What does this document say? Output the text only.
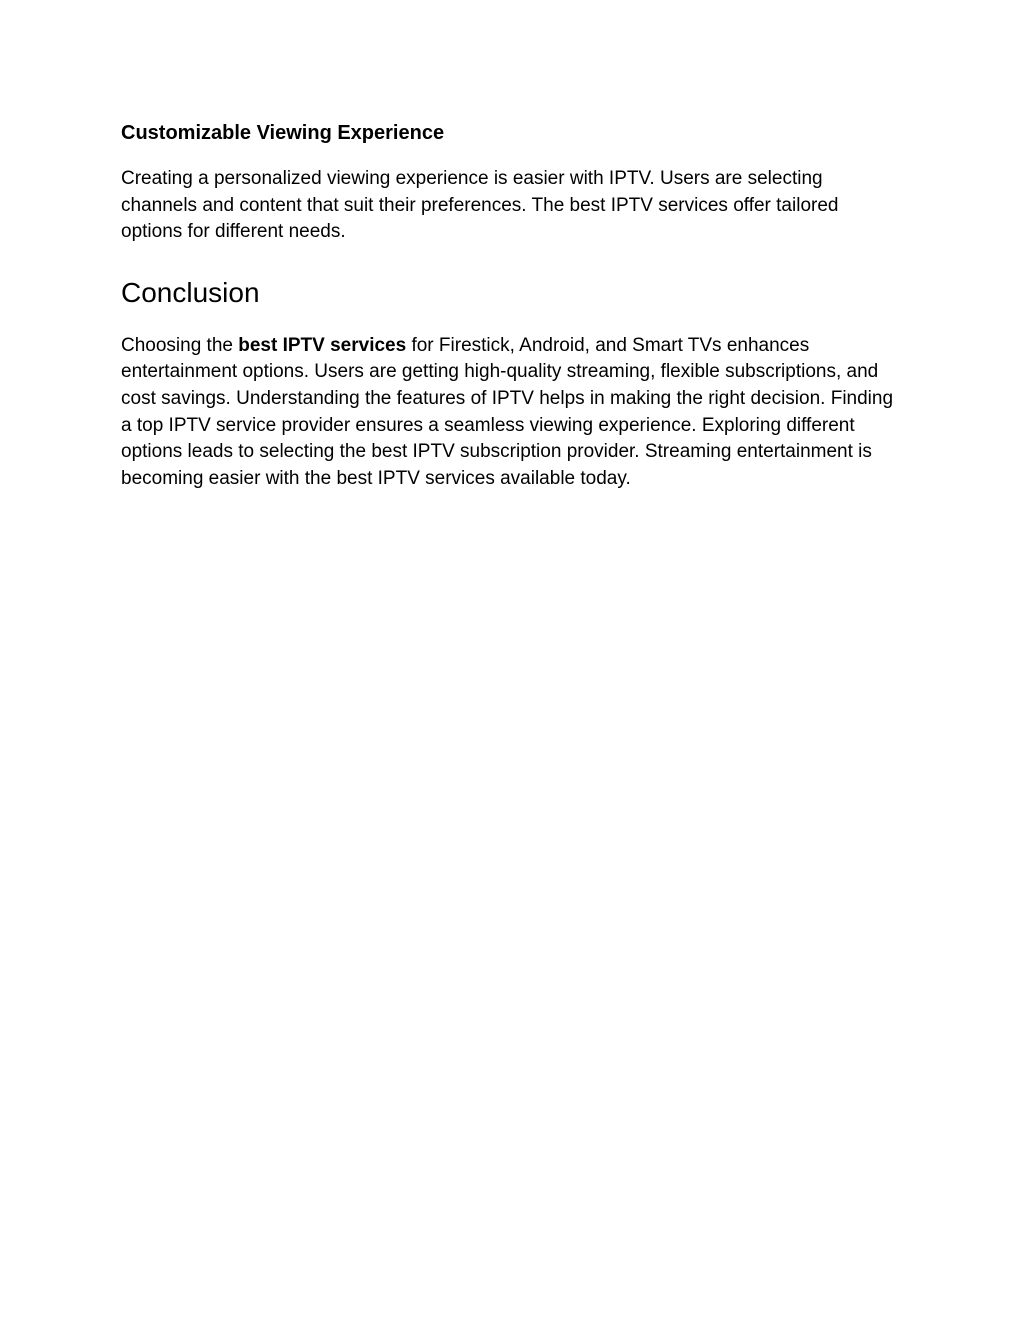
Customizable Viewing Experience

Creating a personalized viewing experience is easier with IPTV. Users are selecting channels and content that suit their preferences. The best IPTV services offer tailored options for different needs.

Conclusion

Choosing the best IPTV services for Firestick, Android, and Smart TVs enhances entertainment options. Users are getting high-quality streaming, flexible subscriptions, and cost savings. Understanding the features of IPTV helps in making the right decision. Finding a top IPTV service provider ensures a seamless viewing experience. Exploring different options leads to selecting the best IPTV subscription provider. Streaming entertainment is becoming easier with the best IPTV services available today.
